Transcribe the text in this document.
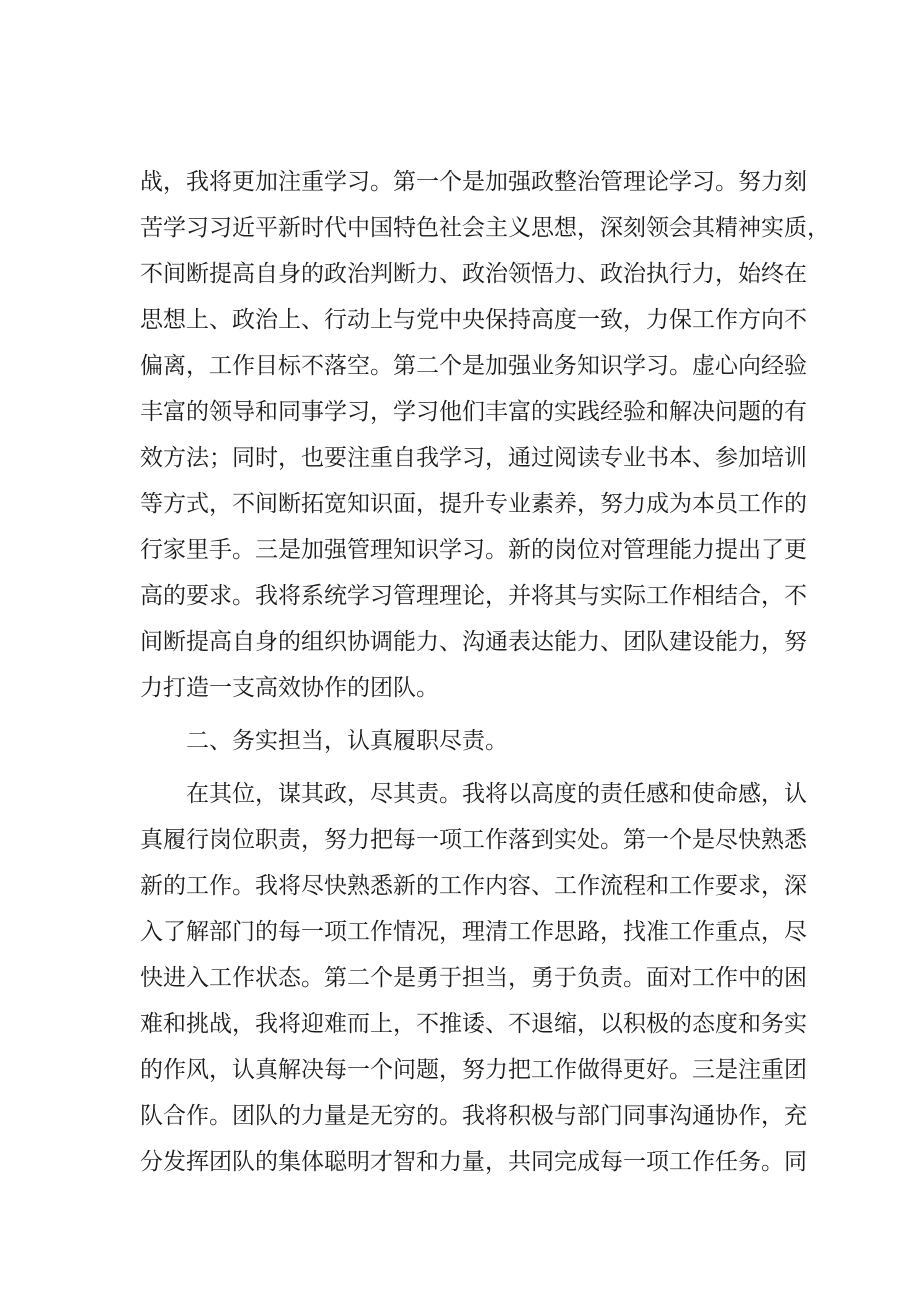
战，我将更加注重学习。第一个是加强政整治管理论学习。努力刻
苦学习习近平新时代中国特色社会主义思想，深刻领会其精神实质，
不间断提高自身的政治判断力、政治领悟力、政治执行力，始终在
思想上、政治上、行动上与党中央保持高度一致，力保工作方向不
偏离，工作目标不落空。第二个是加强业务知识学习。虚心向经验
丰富的领导和同事学习，学习他们丰富的实践经验和解决问题的有
效方法；同时，也要注重自我学习，通过阅读专业书本、参加培训
等方式，不间断拓宽知识面，提升专业素养，努力成为本员工作的
行家里手。三是加强管理知识学习。新的岗位对管理能力提出了更
高的要求。我将系统学习管理理论，并将其与实际工作相结合，不
间断提高自身的组织协调能力、沟通表达能力、团队建设能力，努
力打造一支高效协作的团队。
二、务实担当，认真履职尽责。
在其位，谋其政，尽其责。我将以高度的责任感和使命感，认
真履行岗位职责，努力把每一项工作落到实处。第一个是尽快熟悉
新的工作。我将尽快熟悉新的工作内容、工作流程和工作要求，深
入了解部门的每一项工作情况，理清工作思路，找准工作重点，尽
快进入工作状态。第二个是勇于担当，勇于负责。面对工作中的困
难和挑战，我将迎难而上，不推诿、不退缩，以积极的态度和务实
的作风，认真解决每一个问题，努力把工作做得更好。三是注重团
队合作。团队的力量是无穷的。我将积极与部门同事沟通协作，充
分发挥团队的集体聪明才智和力量，共同完成每一项工作任务。同
